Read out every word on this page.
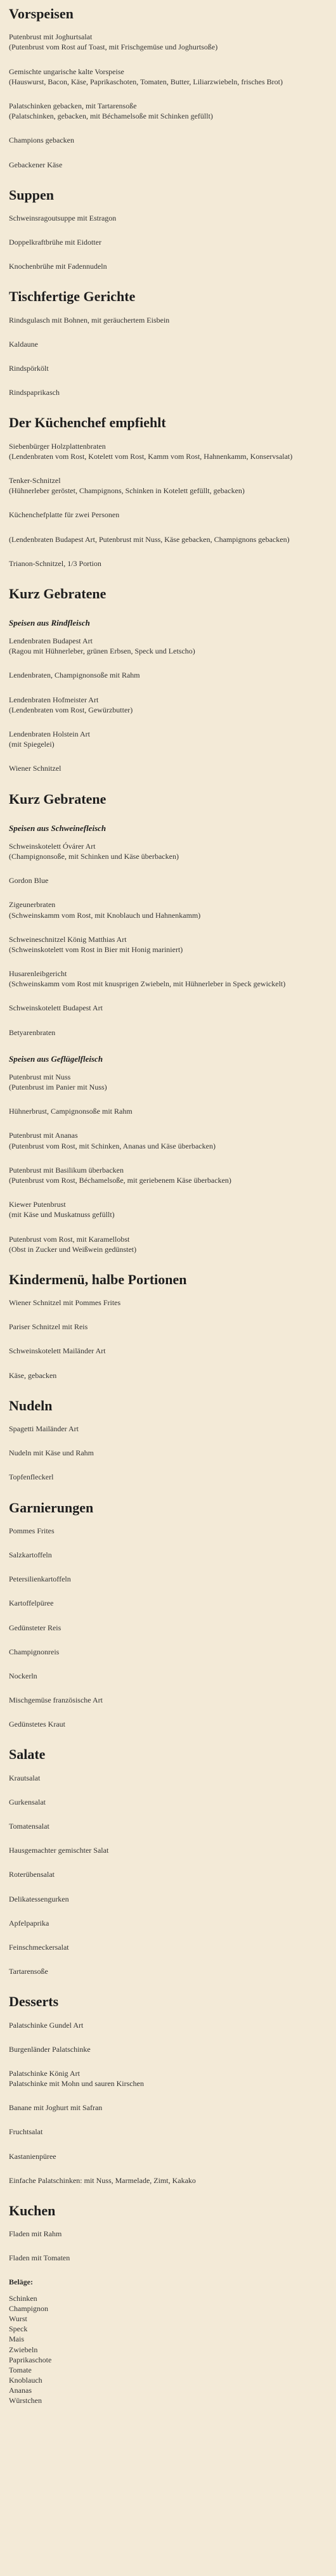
Vorspeisen
Putenbrust mit Joghurtsalat
(Putenbrust vom Rost auf Toast, mit Frischgemüse und Joghurtsoße)
Gemischte ungarische kalte Vorspeise
(Hauswurst, Bacon, Käse, Paprikaschoten, Tomaten, Butter, Liliarzwiebeln, frisches Brot)
Palatschinken gebacken, mit Tartarensoße
(Palatschinken, gebacken, mit Béchamelsoße mit Schinken gefüllt)
Champions gebacken
Gebackener Käse
Suppen
Schweinsragoutsuppe mit Estragon
Doppelkraftbrühe mit Eidotter
Knochenbrühe mit Fadennudeln
Tischfertige Gerichte
Rindsgulasch mit Bohnen, mit geräuchertem Eisbein
Kaldaune
Rindspörkölt
Rindspaprikasch
Der Küchenchef empfiehlt
Siebenbürger Holzplattenbraten
(Lendenbraten vom Rost, Kotelett vom Rost, Kamm vom Rost, Hahnenkamm, Konservsalat)
Tenker-Schnitzel
(Hühnerleber geröstet, Champignons, Schinken in Kotelett gefüllt, gebacken)
Küchenchefplatte für zwei Personen
(Lendenbraten Budapest Art, Putenbrust mit Nuss, Käse gebacken, Champignons gebacken)
Trianon-Schnitzel, 1/3 Portion
Kurz Gebratene
Speisen aus Rindfleisch
Lendenbraten Budapest Art
(Ragou mit Hühnerleber, grünen Erbsen, Speck und Letscho)
Lendenbraten, Champignonsoße mit Rahm
Lendenbraten Hofmeister Art
(Lendenbraten vom Rost, Gewürzbutter)
Lendenbraten Holstein Art
(mit Spiegelei)
Wiener Schnitzel
Kurz Gebratene
Speisen aus Schweinefleisch
Schweinskotelett Óvárer Art
(Champignonsoße, mit Schinken und Käse überbacken)
Gordon Blue
Zigeunerbraten
(Schweinskamm vom Rost, mit Knoblauch und Hahnenkamm)
Schweineschnitzel König Matthias Art
(Schweinskotelett vom Rost in Bier mit Honig mariniert)
Husarenleibgericht
(Schweinskamm vom Rost mit knusprigen Zwiebeln, mit Hühnerleber in Speck gewickelt)
Schweinskotelett Budapest Art
Betyarenbraten
Speisen aus Geflügelfleisch
Putenbrust mit Nuss
(Putenbrust im Panier mit Nuss)
Hühnerbrust, Campignonsoße mit Rahm
Putenbrust mit Ananas
(Putenbrust vom Rost, mit Schinken, Ananas und Käse überbacken)
Putenbrust mit Basilikum überbacken
(Putenbrust vom Rost, Béchamelsoße, mit geriebenem Käse überbacken)
Kiewer Putenbrust
(mit Käse und Muskatnuss gefüllt)
Putenbrust vom Rost, mit Karamellobst
(Obst in Zucker und Weißwein gedünstet)
Kindermenü, halbe Portionen
Wiener Schnitzel mit Pommes Frites
Pariser Schnitzel mit Reis
Schweinskotelett Mailänder Art
Käse, gebacken
Nudeln
Spagetti Mailänder Art
Nudeln mit Käse und Rahm
Topfenfleckerl
Garnierungen
Pommes Frites
Salzkartoffeln
Petersilienkartoffeln
Kartoffelpüree
Gedünsteter Reis
Champignonreis
Nockerln
Mischgemüse französische Art
Gedünstetes Kraut
Salate
Krautsalat
Gurkensalat
Tomatensalat
Hausgemachter gemischter Salat
Roterübensalat
Delikatessengurken
Apfelpaprika
Feinschmeckersalat
Tartarensoße
Desserts
Palatschinke Gundel Art
Burgenländer Palatschinke
Palatschinke König Art
Palatschinke mit Mohn und sauren Kirschen
Banane mit Joghurt mit Safran
Fruchtsalat
Kastanienpüree
Einfache Palatschinken: mit Nuss, Marmelade, Zimt, Kakako
Kuchen
Fladen mit Rahm
Fladen mit Tomaten
Beläge:
Schinken
Champignon
Wurst
Speck
Mais
Zwiebeln
Paprikaschote
Tomate
Knoblauch
Ananas
Würstchen
